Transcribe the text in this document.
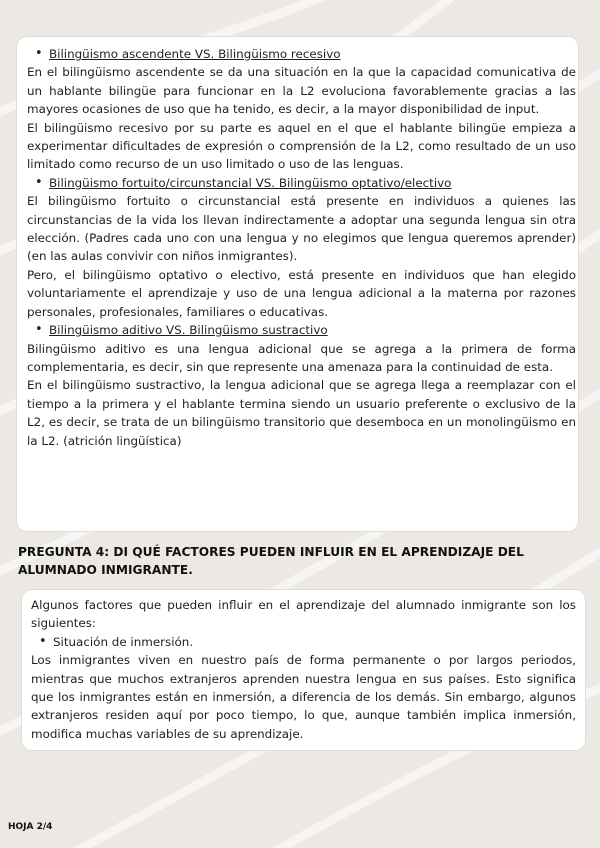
• Bilingüismo ascendente VS. Bilingüismo recesivo

En el bilingüismo ascendente se da una situación en la que la capacidad comunicativa de un hablante bilingüe para funcionar en la L2 evoluciona favorablemente gracias a las mayores ocasiones de uso que ha tenido, es decir, a la mayor disponibilidad de input.

El bilingüismo recesivo por su parte es aquel en el que el hablante bilingüe empieza a experimentar dificultades de expresión o comprensión de la L2, como resultado de un uso limitado como recurso de un uso limitado o uso de las lenguas.

• Bilingüismo fortuito/circunstancial VS. Bilingüismo optativo/electivo

El bilingüismo fortuito o circunstancial está presente en individuos a quienes las circunstancias de la vida los llevan indirectamente a adoptar una segunda lengua sin otra elección. (Padres cada uno con una lengua y no elegimos que lengua queremos aprender) (en las aulas convivir con niños inmigrantes).

Pero, el bilingüismo optativo o electivo, está presente en individuos que han elegido voluntariamente el aprendizaje y uso de una lengua adicional a la materna por razones personales, profesionales, familiares o educativas.

• Bilingüismo aditivo VS. Bilingüismo sustractivo

Bilingüismo aditivo es una lengua adicional que se agrega a la primera de forma complementaria, es decir, sin que represente una amenaza para la continuidad de esta.

En el bilingüismo sustractivo, la lengua adicional que se agrega llega a reemplazar con el tiempo a la primera y el hablante termina siendo un usuario preferente o exclusivo de la L2, es decir, se trata de un bilingüismo transitorio que desemboca en un monolingüismo en la L2. (atrición lingüística)

PREGUNTA 4: DI QUÉ FACTORES PUEDEN INFLUIR EN EL APRENDIZAJE DEL
ALUMNADO INMIGRANTE.

Algunos factores que pueden influir en el aprendizaje del alumnado inmigrante son los siguientes:

• Situación de inmersión.

Los inmigrantes viven en nuestro país de forma permanente o por largos periodos, mientras que muchos extranjeros aprenden nuestra lengua en sus países. Esto significa que los inmigrantes están en inmersión, a diferencia de los demás. Sin embargo, algunos extranjeros residen aquí por poco tiempo, lo que, aunque también implica inmersión, modifica muchas variables de su aprendizaje.

HOJA 2/4
